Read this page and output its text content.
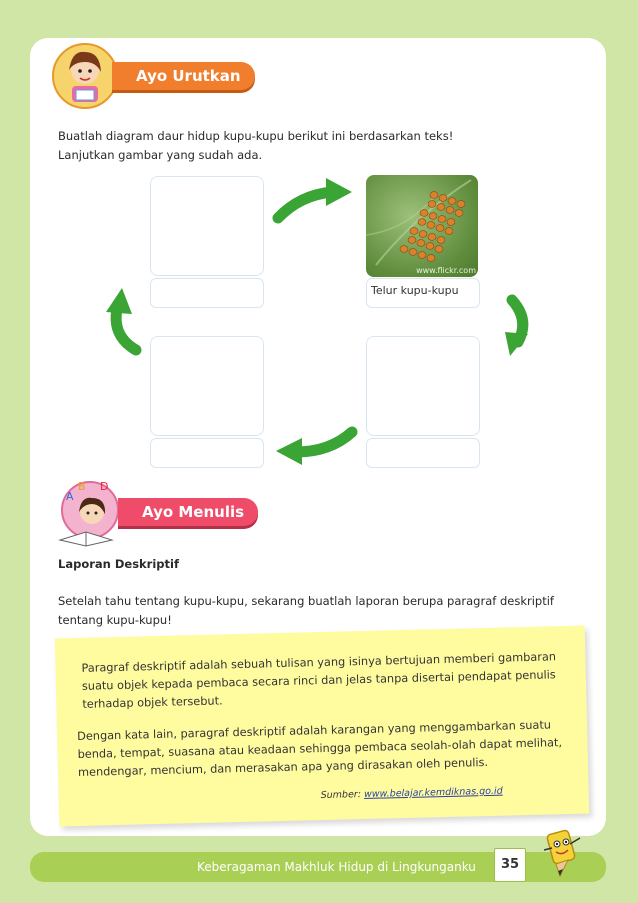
Ayo Urutkan
Buatlah diagram daur hidup kupu-kupu berikut ini berdasarkan teks!
Lanjutkan gambar yang sudah ada.
www.flickr.com
Telur kupu-kupu
A
B D
Ayo Menulis
Laporan Deskriptif
Setelah tahu tentang kupu-kupu, sekarang buatlah laporan berupa paragraf deskriptif
tentang kupu-kupu!
Paragraf deskriptif adalah sebuah tulisan yang isinya bertujuan memberi gambaran
suatu objek kepada pembaca secara rinci dan jelas tanpa disertai pendapat penulis
terhadap objek tersebut.
Dengan kata lain, paragraf deskriptif adalah karangan yang menggambarkan suatu
benda, tempat, suasana atau keadaan sehingga pembaca seolah-olah dapat melihat,
mendengar, mencium, dan merasakan apa yang dirasakan oleh penulis.
Sumber: www.belajar.kemdiknas.go.id
Keberagaman Makhluk Hidup di Lingkunganku	35
